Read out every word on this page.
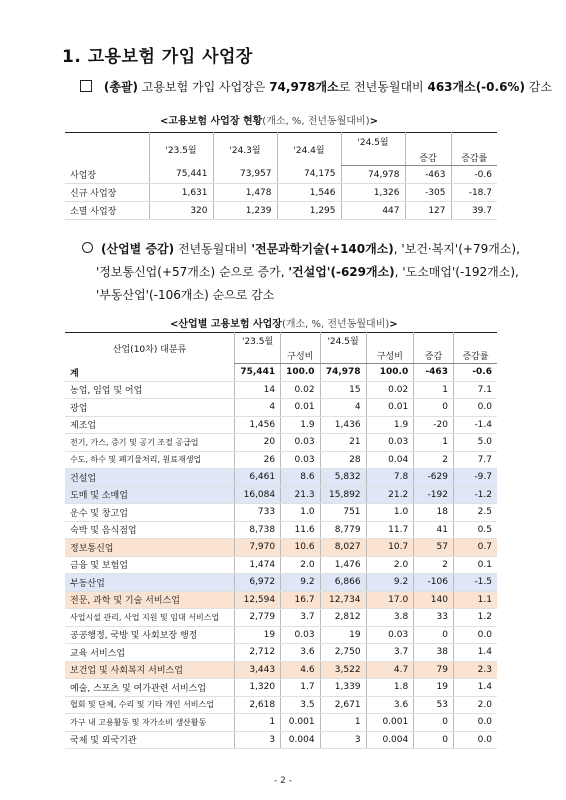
1. 고용보험 가입 사업장
(총괄) 고용보험 가입 사업장은 74,978개소로 전년동월대비 463개소(-0.6%) 감소
<고용보험 사업장 현황(개소, %, 전년동월대비)>
	'23.5월	'24.3월	'24.4월	'24.5월		
					증감	증감률
사업장	75,441	73,957	74,175	74,978	-463	-0.6
신규 사업장	1,631	1,478	1,546	1,326	-305	-18.7
소멸 사업장	320	1,239	1,295	447	127	39.7
(산업별 증감) 전년동월대비 '전문과학기술(+140개소), '보건·복지'(+79개소),
'정보통신업(+57개소) 순으로 증가, '건설업'(-629개소), '도소매업'(-192개소),
'부동산업'(-106개소) 순으로 감소
<산업별 고용보험 사업장(개소, %, 전년동월대비)>
산업(10차) 대분류	'23.5월		'24.5월			
		구성비		구성비	증감	증감률
계	75,441	100.0	74,978	100.0	-463	-0.6
농업, 임업 및 어업	14	0.02	15	0.02	1	7.1
광업	4	0.01	4	0.01	0	0.0
제조업	1,456	1.9	1,436	1.9	-20	-1.4
전기, 가스, 증기 및 공기 조절 공급업	20	0.03	21	0.03	1	5.0
수도, 하수 및 폐기물처리, 원료재생업	26	0.03	28	0.04	2	7.7
건설업	6,461	8.6	5,832	7.8	-629	-9.7
도매 및 소매업	16,084	21.3	15,892	21.2	-192	-1.2
운수 및 창고업	733	1.0	751	1.0	18	2.5
숙박 및 음식점업	8,738	11.6	8,779	11.7	41	0.5
정보통신업	7,970	10.6	8,027	10.7	57	0.7
금융 및 보험업	1,474	2.0	1,476	2.0	2	0.1
부동산업	6,972	9.2	6,866	9.2	-106	-1.5
전문, 과학 및 기술 서비스업	12,594	16.7	12,734	17.0	140	1.1
사업시설 관리, 사업 지원 및 임대 서비스업	2,779	3.7	2,812	3.8	33	1.2
공공행정, 국방 및 사회보장 행정	19	0.03	19	0.03	0	0.0
교육 서비스업	2,712	3.6	2,750	3.7	38	1.4
보건업 및 사회복지 서비스업	3,443	4.6	3,522	4.7	79	2.3
예술, 스포츠 및 여가관련 서비스업	1,320	1.7	1,339	1.8	19	1.4
협회 및 단체, 수리 및 기타 개인 서비스업	2,618	3.5	2,671	3.6	53	2.0
가구 내 고용활동 및 자가소비 생산활동	1	0.001	1	0.001	0	0.0
국제 및 외국기관	3	0.004	3	0.004	0	0.0
- 2 -
